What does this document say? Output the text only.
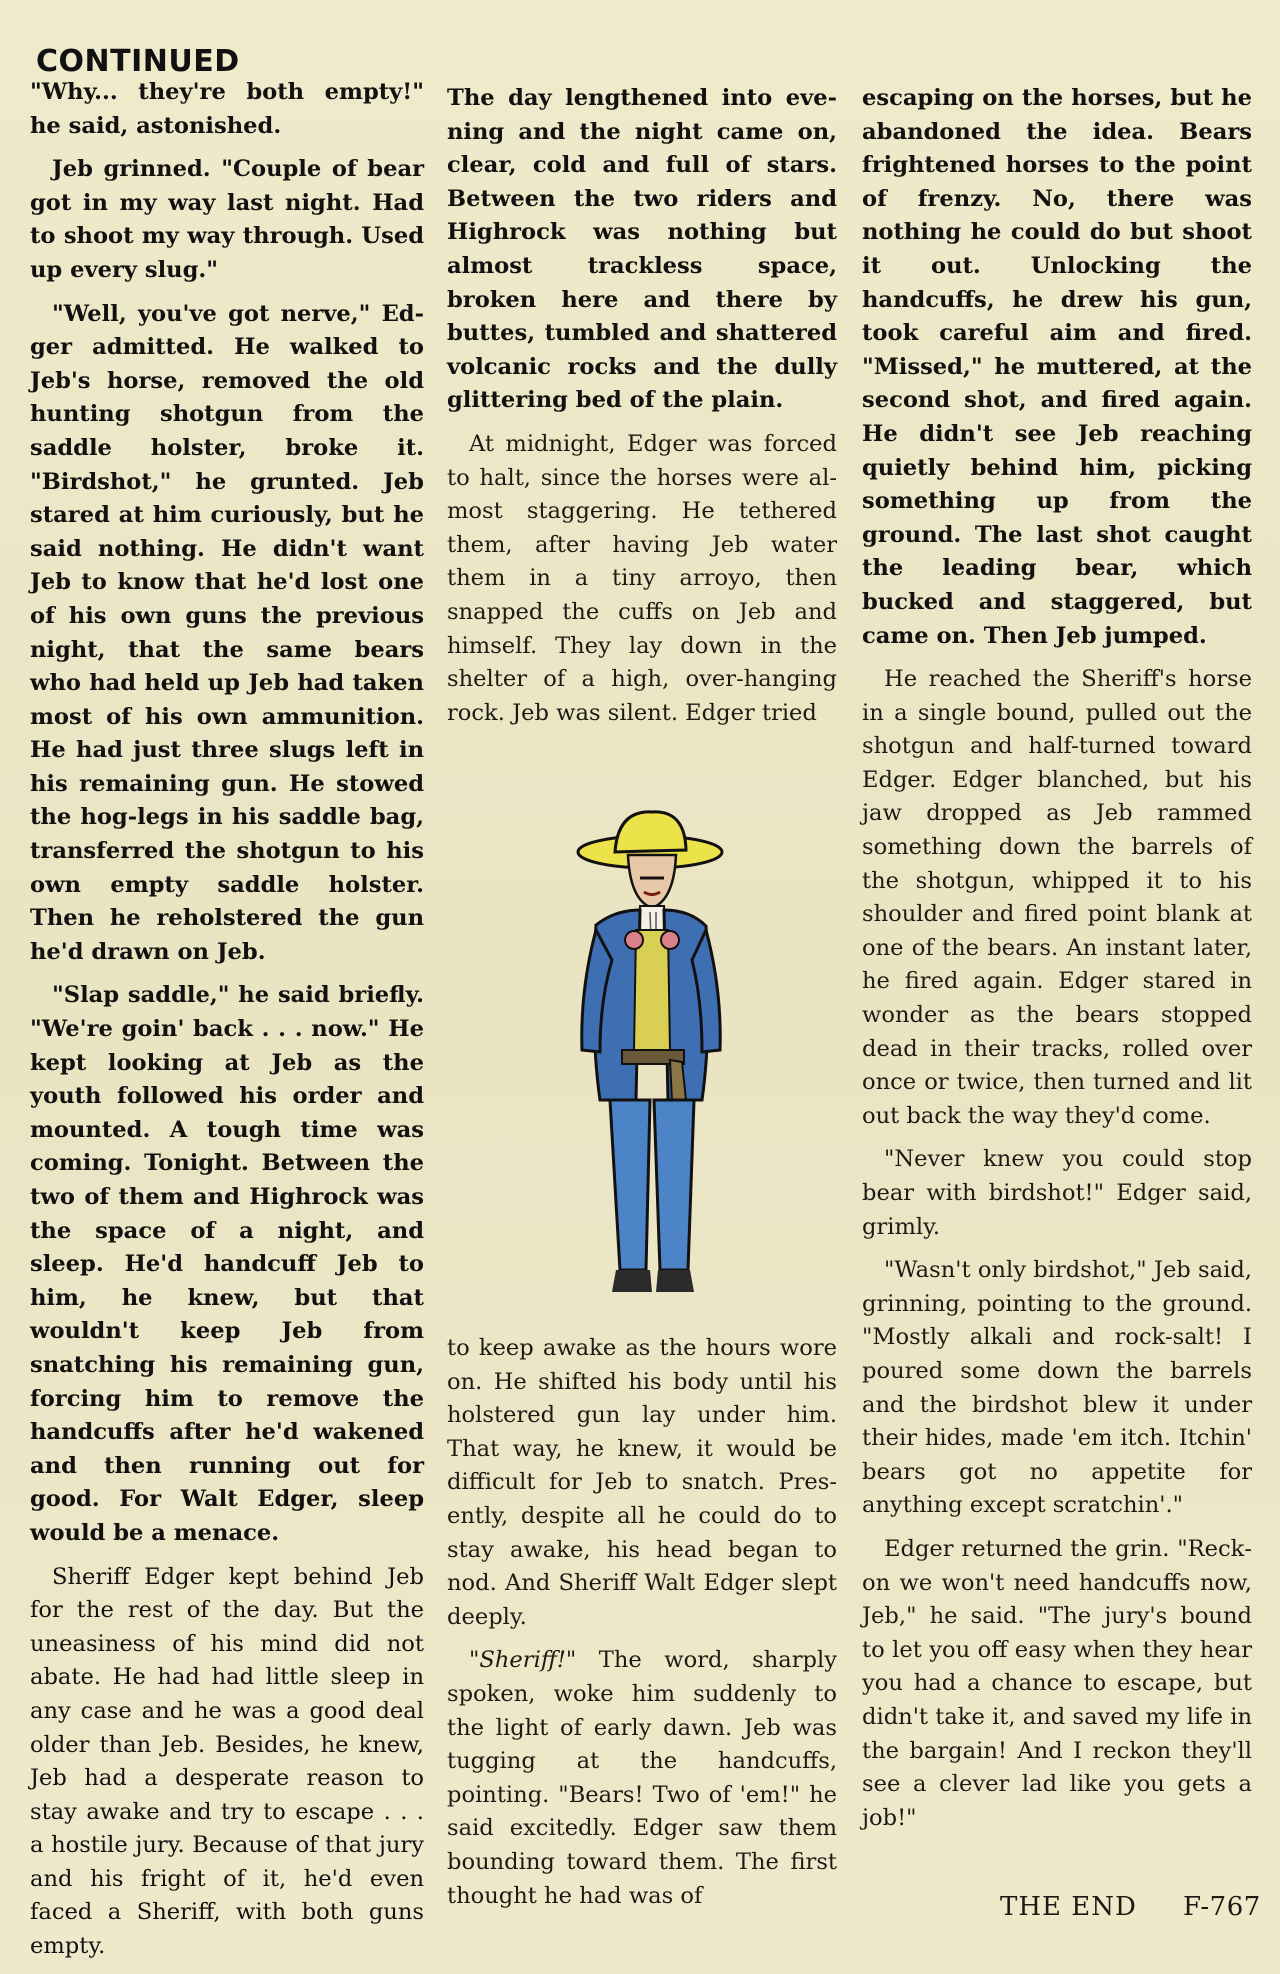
CONTINUED

"Why... they're both empty!" he said, astonished.

Jeb grinned. "Couple of bear got in my way last night. Had to shoot my way through. Used up every slug."

"Well, you've got nerve," Edger admitted. He walked to Jeb's horse, removed the old hunting shotgun from the saddle holster, broke it. "Birdshot," he grunted. Jeb stared at him curiously, but he said nothing. He didn't want Jeb to know that he'd lost one of his own guns the previous night, that the same bears who had held up Jeb had taken most of his own ammunition. He had just three slugs left in his remaining gun. He stowed the hog-legs in his saddle bag, transferred the shotgun to his own empty saddle holster. Then he reholstered the gun he'd drawn on Jeb.

"Slap saddle," he said briefly. "We're goin' back . . . now." He kept looking at Jeb as the youth followed his order and mounted. A tough time was coming. Tonight. Between the two of them and Highrock was the space of a night, and sleep. He'd handcuff Jeb to him, he knew, but that wouldn't keep Jeb from snatching his remaining gun, forcing him to remove the handcuffs after he'd wakened and then running out for good. For Walt Edger, sleep would be a menace.

Sheriff Edger kept behind Jeb for the rest of the day. But the uneasiness of his mind did not abate. He had had little sleep in any case and he was a good deal older than Jeb. Besides, he knew, Jeb had a desperate reason to stay awake and try to escape . . . a hostile jury. Because of that jury and his fright of it, he'd even faced a Sheriff, with both guns empty.

The day lengthened into evening and the night came on, clear, cold and full of stars. Between the two riders and Highrock was nothing but almost trackless space, broken here and there by buttes, tumbled and shattered volcanic rocks and the dully glittering bed of the plain.

At midnight, Edger was forced to halt, since the horses were almost staggering. He tethered them, after having Jeb water them in a tiny arroyo, then snapped the cuffs on Jeb and himself. They lay down in the shelter of a high, over-hanging rock. Jeb was silent. Edger tried

to keep awake as the hours wore on. He shifted his body until his holstered gun lay under him. That way, he knew, it would be difficult for Jeb to snatch. Presently, despite all he could do to stay awake, his head began to nod. And Sheriff Walt Edger slept deeply.

"Sheriff!" The word, sharply spoken, woke him suddenly to the light of early dawn. Jeb was tugging at the handcuffs, pointing. "Bears! Two of 'em!" he said excitedly. Edger saw them bounding toward them. The first thought he had was of

escaping on the horses, but he abandoned the idea. Bears frightened horses to the point of frenzy. No, there was nothing he could do but shoot it out. Unlocking the handcuffs, he drew his gun, took careful aim and fired. "Missed," he muttered, at the second shot, and fired again. He didn't see Jeb reaching quietly behind him, picking something up from the ground. The last shot caught the leading bear, which bucked and staggered, but came on. Then Jeb jumped.

He reached the Sheriff's horse in a single bound, pulled out the shotgun and half-turned toward Edger. Edger blanched, but his jaw dropped as Jeb rammed something down the barrels of the shotgun, whipped it to his shoulder and fired point blank at one of the bears. An instant later, he fired again. Edger stared in wonder as the bears stopped dead in their tracks, rolled over once or twice, then turned and lit out back the way they'd come.

"Never knew you could stop bear with birdshot!" Edger said, grimly.

"Wasn't only birdshot," Jeb said, grinning, pointing to the ground. "Mostly alkali and rock-salt! I poured some down the barrels and the birdshot blew it under their hides, made 'em itch. Itchin' bears got no appetite for anything except scratchin'."

Edger returned the grin. "Reckon we won't need handcuffs now, Jeb," he said. "The jury's bound to let you off easy when they hear you had a chance to escape, but didn't take it, and saved my life in the bargain! And I reckon they'll see a clever lad like you gets a job!"

THE END F-767
